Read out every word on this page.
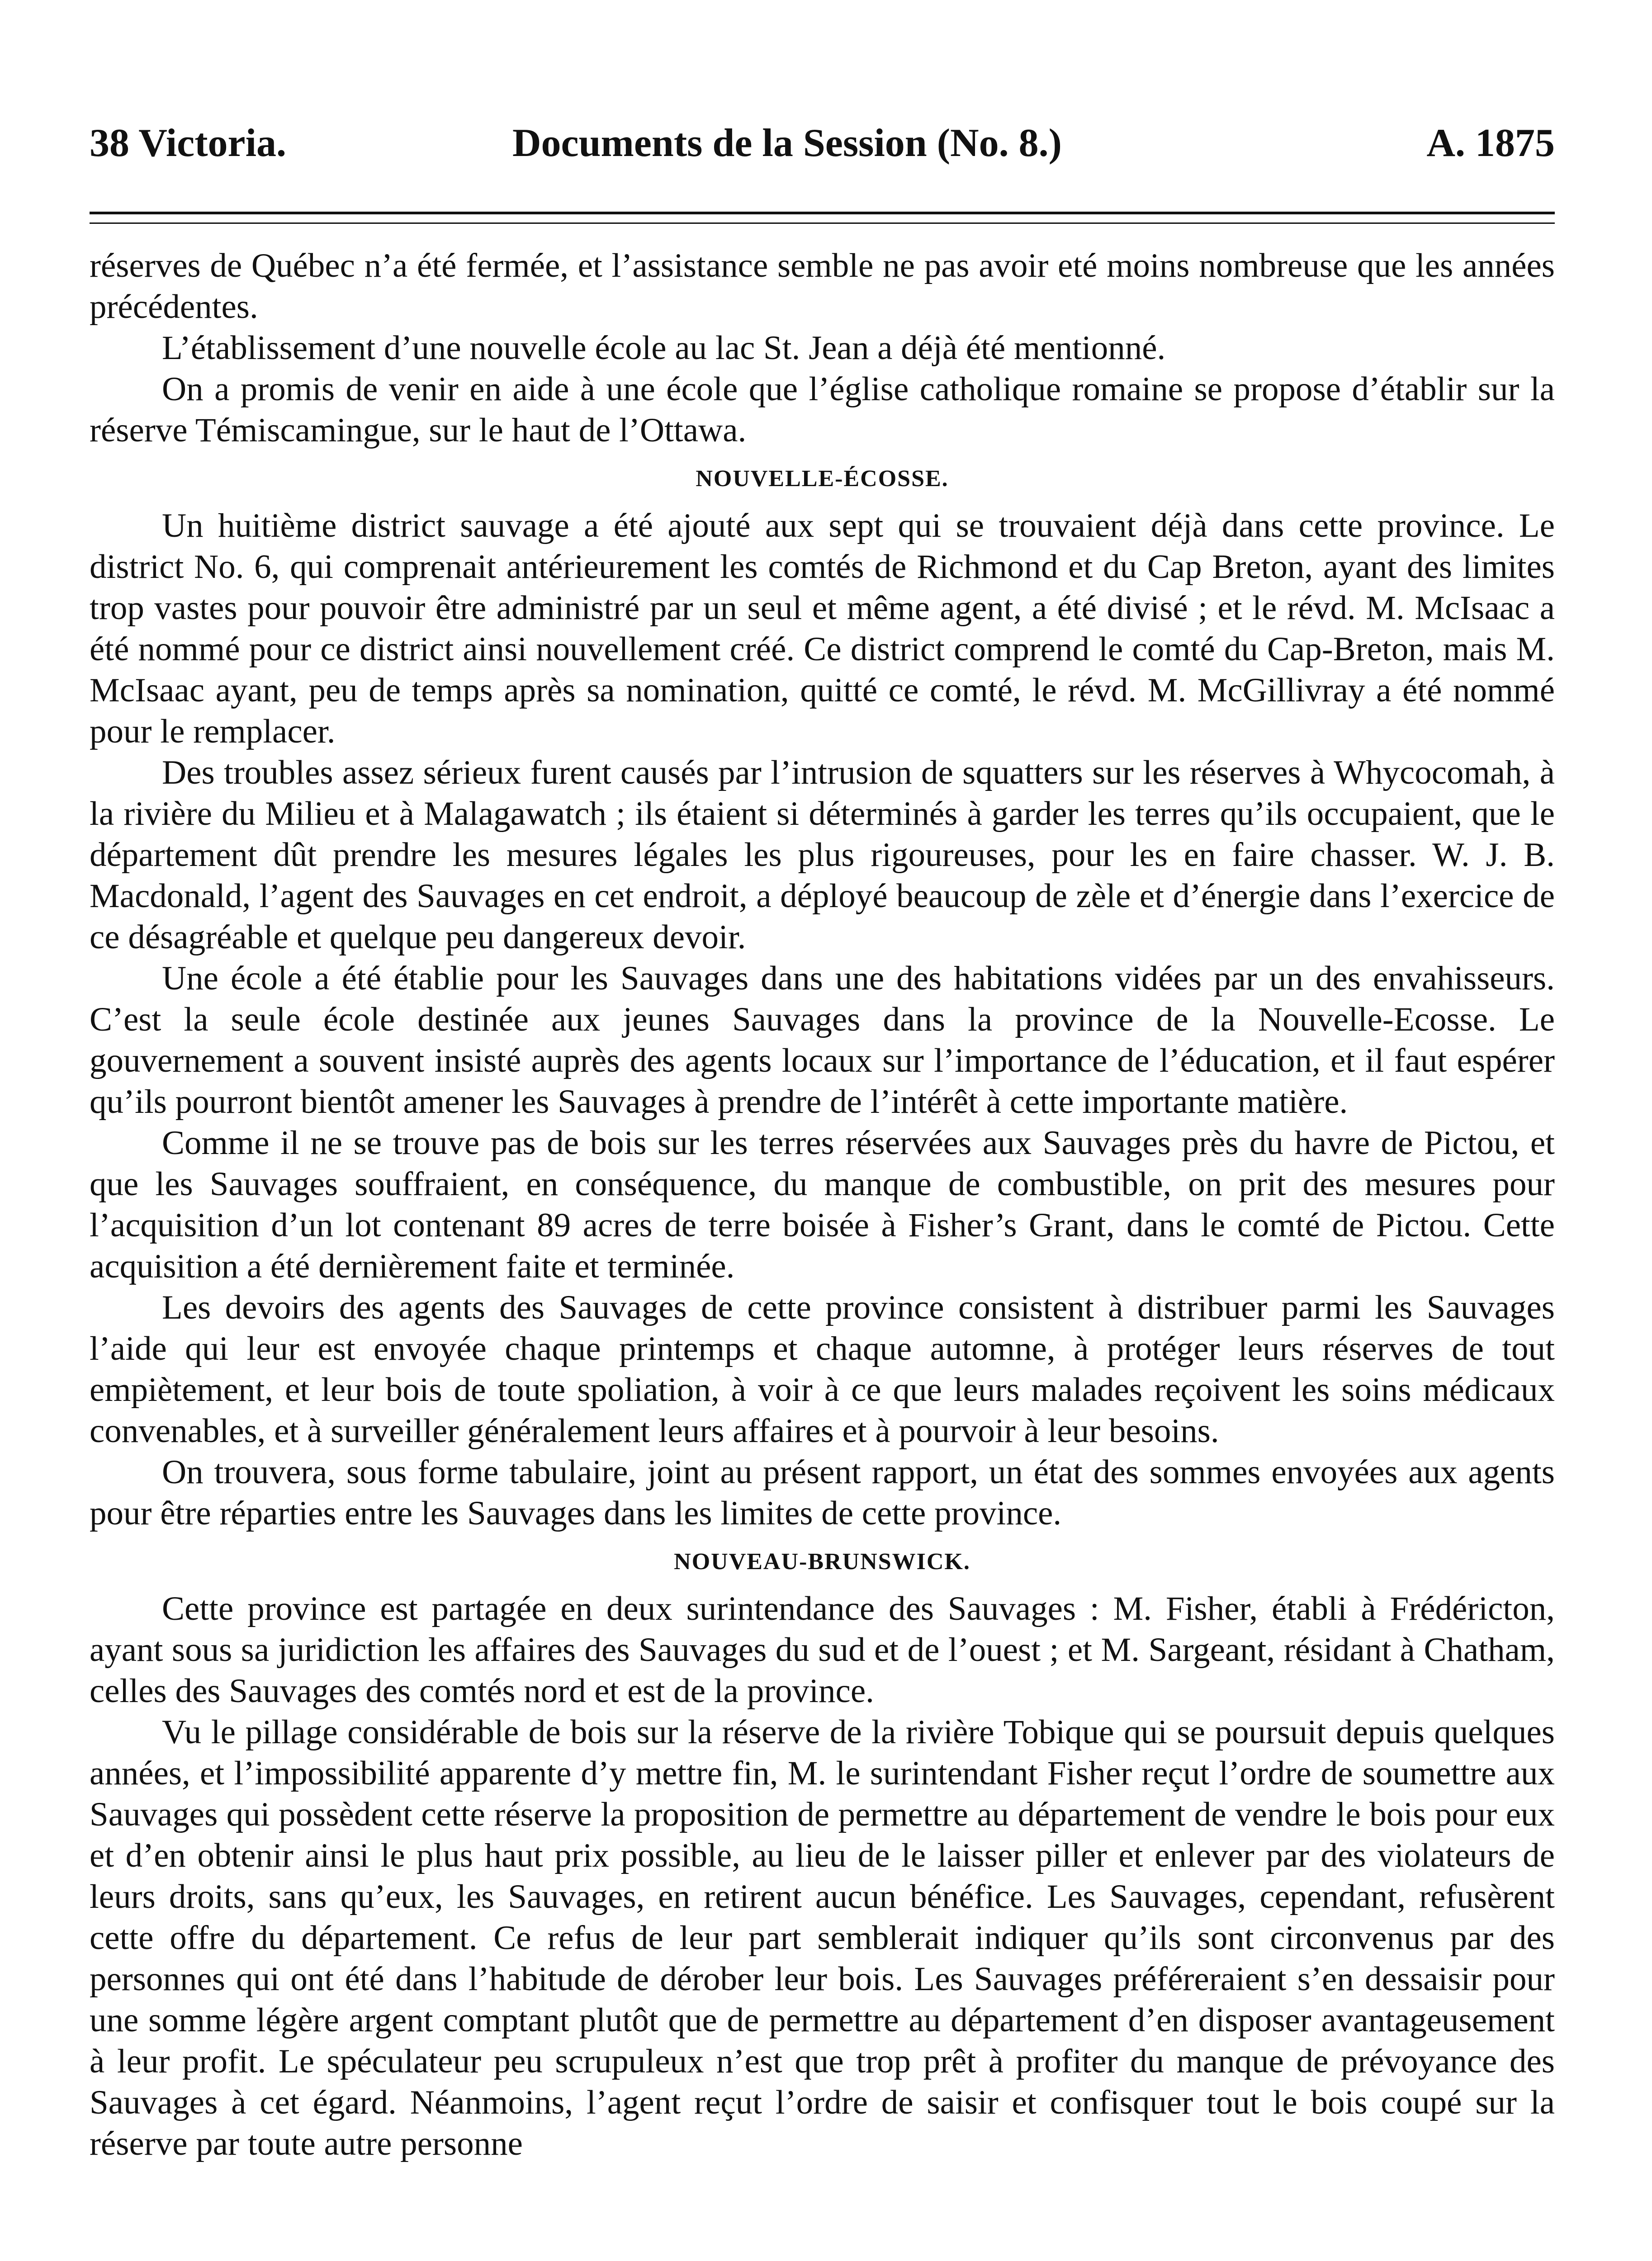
38 Victoria.	Documents de la Session (No. 8.)	A. 1875

réserves de Québec n’a été fermée, et l’assistance semble ne pas avoir eté moins nombreuse que les années précédentes.

L’établissement d’une nouvelle école au lac St. Jean a déjà été mentionné.

On a promis de venir en aide à une école que l’église catholique romaine se propose d’établir sur la réserve Témiscamingue, sur le haut de l’Ottawa.

NOUVELLE-ÉCOSSE.

Un huitième district sauvage a été ajouté aux sept qui se trouvaient déjà dans cette province. Le district No. 6, qui comprenait antérieurement les comtés de Richmond et du Cap Breton, ayant des limites trop vastes pour pouvoir être administré par un seul et même agent, a été divisé ; et le révd. M. McIsaac a été nommé pour ce district ainsi nouvellement créé. Ce district comprend le comté du Cap-Breton, mais M. McIsaac ayant, peu de temps après sa nomination, quitté ce comté, le révd. M. McGillivray a été nommé pour le remplacer.

Des troubles assez sérieux furent causés par l’intrusion de squatters sur les réserves à Whycocomah, à la rivière du Milieu et à Malagawatch ; ils étaient si déterminés à garder les terres qu’ils occupaient, que le département dût prendre les mesures légales les plus rigoureuses, pour les en faire chasser. W. J. B. Macdonald, l’agent des Sauvages en cet endroit, a déployé beaucoup de zèle et d’énergie dans l’exercice de ce désagréable et quelque peu dangereux devoir.

Une école a été établie pour les Sauvages dans une des habitations vidées par un des envahisseurs. C’est la seule école destinée aux jeunes Sauvages dans la province de la Nouvelle-Ecosse. Le gouvernement a souvent insisté auprès des agents locaux sur l’importance de l’éducation, et il faut espérer qu’ils pourront bientôt amener les Sauvages à prendre de l’intérêt à cette importante matière.

Comme il ne se trouve pas de bois sur les terres réservées aux Sauvages près du havre de Pictou, et que les Sauvages souffraient, en conséquence, du manque de combustible, on prit des mesures pour l’acquisition d’un lot contenant 89 acres de terre boisée à Fisher’s Grant, dans le comté de Pictou. Cette acquisition a été dernièrement faite et terminée.

Les devoirs des agents des Sauvages de cette province consistent à distribuer parmi les Sauvages l’aide qui leur est envoyée chaque printemps et chaque automne, à protéger leurs réserves de tout empiètement, et leur bois de toute spoliation, à voir à ce que leurs malades reçoivent les soins médicaux convenables, et à surveiller généralement leurs affaires et à pourvoir à leur besoins.

On trouvera, sous forme tabulaire, joint au présent rapport, un état des sommes envoyées aux agents pour être réparties entre les Sauvages dans les limites de cette province.

NOUVEAU-BRUNSWICK.

Cette province est partagée en deux surintendance des Sauvages : M. Fisher, établi à Frédéricton, ayant sous sa juridiction les affaires des Sauvages du sud et de l’ouest ; et M. Sargeant, résidant à Chatham, celles des Sauvages des comtés nord et est de la province.

Vu le pillage considérable de bois sur la réserve de la rivière Tobique qui se poursuit depuis quelques années, et l’impossibilité apparente d’y mettre fin, M. le surintendant Fisher reçut l’ordre de soumettre aux Sauvages qui possèdent cette réserve la proposition de permettre au département de vendre le bois pour eux et d’en obtenir ainsi le plus haut prix possible, au lieu de le laisser piller et enlever par des violateurs de leurs droits, sans qu’eux, les Sauvages, en retirent aucun bénéfice. Les Sauvages, cependant, refusèrent cette offre du département. Ce refus de leur part semblerait indiquer qu’ils sont circonvenus par des personnes qui ont été dans l’habitude de dérober leur bois. Les Sauvages préféreraient s’en dessaisir pour une somme légère argent comptant plutôt que de permettre au département d’en disposer avantageusement à leur profit. Le spéculateur peu scrupuleux n’est que trop prêt à profiter du manque de prévoyance des Sauvages à cet égard. Néanmoins, l’agent reçut l’ordre de saisir et confisquer tout le bois coupé sur la réserve par toute autre personne
